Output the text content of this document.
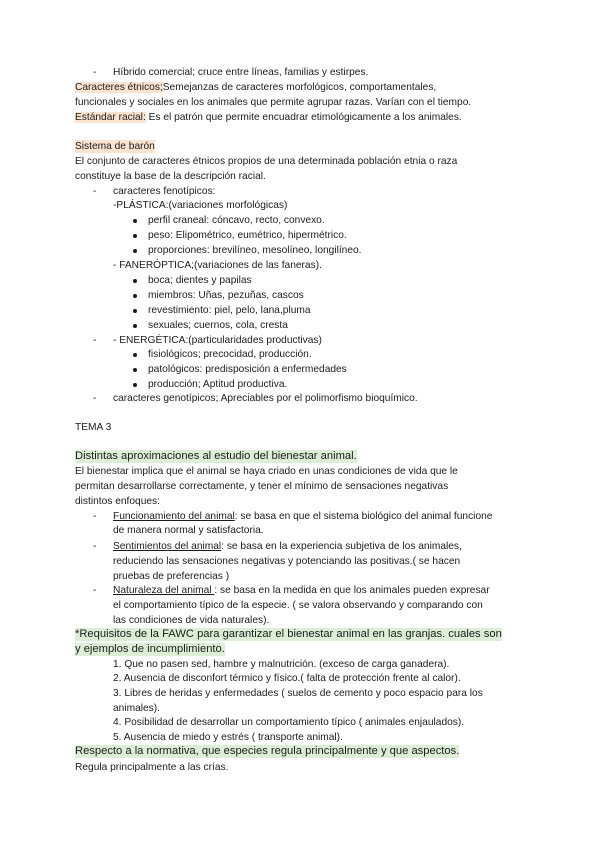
- Híbrido comercial; cruce entre líneas, familias y estirpes.
Caracteres étnicos;Semejanzas de caracteres morfológicos, comportamentales,
funcionales y sociales en los animales que permite agrupar razas. Varían con el tiempo.
Estándar racial: Es el patrón que permite encuadrar etimológicamente a los animales.
Sistema de barón
El conjunto de caracteres étnicos propios de una determinada población etnia o raza
constituye la base de la descripción racial.
- caracteres fenotípicos:
-PLÁSTICA:(variaciones morfológicas)
perfil craneal: cóncavo, recto, convexo.
peso: Elipométrico, eumétrico, hipermétrico.
proporciones: brevilíneo, mesolíneo, longilíneo.
- FANERÓPTICA;(variaciones de las faneras).
boca; dientes y papilas
miembros: Uñas, pezuñas, cascos
revestimiento: piel, pelo, lana,pluma
sexuales; cuernos, cola, cresta
- - ENERGÉTICA:(particularidades productivas)
fisiológicos; precocidad, producción.
patológicos: predisposición a enfermedades
producción; Aptitud productiva.
- caracteres genotípicos; Apreciables por el polimorfismo bioquímico.
TEMA 3
Distintas aproximaciones al estudio del bienestar animal.
El bienestar implica que el animal se haya criado en unas condiciones de vida que le
permitan desarrollarse correctamente, y tener el mínimo de sensaciones negativas
distintos enfoques:
- Funcionamiento del animal: se basa en que el sistema biológico del animal funcione
de manera normal y satisfactoria.
- Sentimientos del animal: se basa en la experiencia subjetiva de los animales,
reduciendo las sensaciones negativas y potenciando las positivas.( se hacen
pruebas de preferencias )
- Naturaleza del animal : se basa en la medida en que los animales pueden expresar
el comportamiento típico de la especie. ( se valora observando y comparando con
las condiciones de vida naturales).
*Requisitos de la FAWC para garantizar el bienestar animal en las granjas. cuales son
y ejemplos de incumplimiento.
1. Que no pasen sed, hambre y malnutrición. (exceso de carga ganadera).
2. Ausencia de disconfort térmico y físico.( falta de protección frente al calor).
3. Libres de heridas y enfermedades ( suelos de cemento y poco espacio para los
animales).
4. Posibilidad de desarrollar un comportamiento típico ( animales enjaulados).
5. Ausencia de miedo y estrés ( transporte animal).
Respecto a la normativa, que especies regula principalmente y que aspectos.
Regula principalmente a las crías.
